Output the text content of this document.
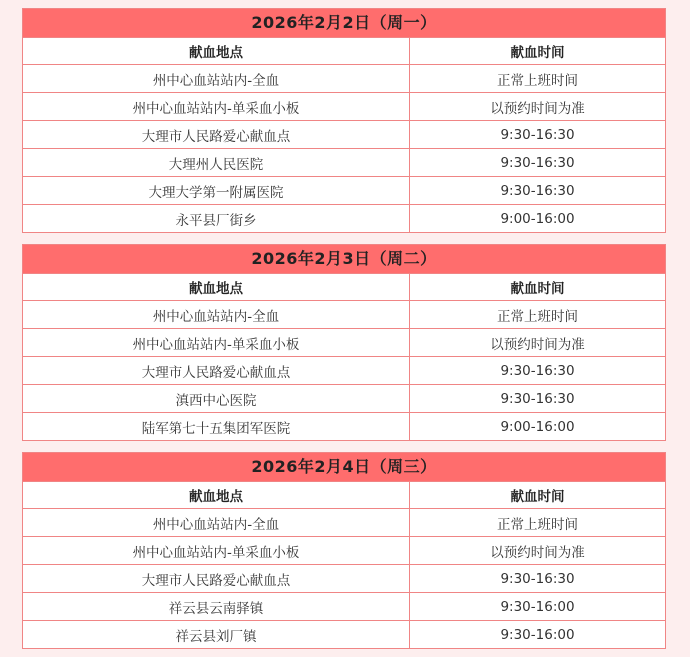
2026年2月2日（周一）
献血地点	献血时间
州中心血站站内-全血	正常上班时间
州中心血站站内-单采血小板	以预约时间为准
大理市人民路爱心献血点	9:30-16:30
大理州人民医院	9:30-16:30
大理大学第一附属医院	9:30-16:30
永平县厂街乡	9:00-16:00
2026年2月3日（周二）
献血地点	献血时间
州中心血站站内-全血	正常上班时间
州中心血站站内-单采血小板	以预约时间为准
大理市人民路爱心献血点	9:30-16:30
滇西中心医院	9:30-16:30
陆军第七十五集团军医院	9:00-16:00
2026年2月4日（周三）
献血地点	献血时间
州中心血站站内-全血	正常上班时间
州中心血站站内-单采血小板	以预约时间为准
大理市人民路爱心献血点	9:30-16:30
祥云县云南驿镇	9:30-16:00
祥云县刘厂镇	9:30-16:00
